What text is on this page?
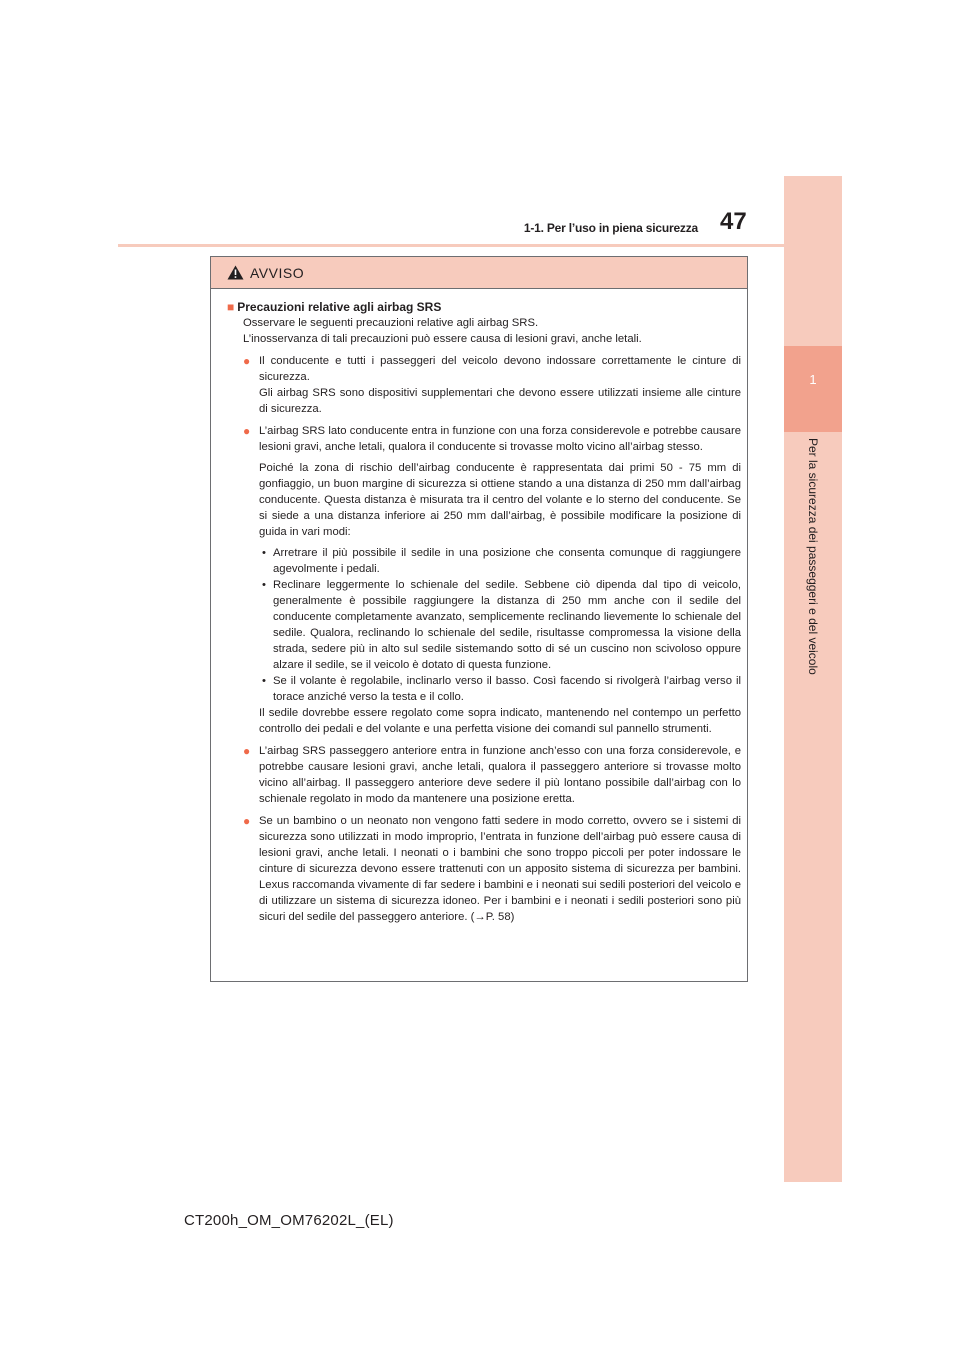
1
Per la sicurezza dei passeggeri e del veicolo
1-1. Per l’uso in piena sicurezza 47
AVVISO
■ Precauzioni relative agli airbag SRS

Osservare le seguenti precauzioni relative agli airbag SRS.

L’inosservanza di tali precauzioni può essere causa di lesioni gravi, anche letali.

● Il conducente e tutti i passeggeri del veicolo devono indossare correttamente le cinture di sicurezza.

Gli airbag SRS sono dispositivi supplementari che devono essere utilizzati insieme alle cinture di sicurezza.

● L’airbag SRS lato conducente entra in funzione con una forza considerevole e potrebbe causare lesioni gravi, anche letali, qualora il conducente si trovasse molto vicino all’airbag stesso.

Poiché la zona di rischio dell’airbag conducente è rappresentata dai primi 50 - 75 mm di gonfiaggio, un buon margine di sicurezza si ottiene stando a una distanza di 250 mm dall’airbag conducente. Questa distanza è misurata tra il centro del volante e lo sterno del conducente. Se si siede a una distanza inferiore ai 250 mm dall’airbag, è possibile modificare la posizione di guida in vari modi:

• Arretrare il più possibile il sedile in una posizione che consenta comunque di raggiungere agevolmente i pedali.
• Reclinare leggermente lo schienale del sedile. Sebbene ciò dipenda dal tipo di veicolo, generalmente è possibile raggiungere la distanza di 250 mm anche con il sedile del conducente completamente avanzato, semplicemente reclinando lievemente lo schienale del sedile. Qualora, reclinando lo schienale del sedile, risultasse compromessa la visione della strada, sedere più in alto sul sedile sistemando sotto di sé un cuscino non scivoloso oppure alzare il sedile, se il veicolo è dotato di questa funzione.
• Se il volante è regolabile, inclinarlo verso il basso. Così facendo si rivolgerà l’airbag verso il torace anziché verso la testa e il collo.

Il sedile dovrebbe essere regolato come sopra indicato, mantenendo nel contempo un perfetto controllo dei pedali e del volante e una perfetta visione dei comandi sul pannello strumenti.

● L’airbag SRS passeggero anteriore entra in funzione anch’esso con una forza considerevole, e potrebbe causare lesioni gravi, anche letali, qualora il passeggero anteriore si trovasse molto vicino all’airbag. Il passeggero anteriore deve sedere il più lontano possibile dall’airbag con lo schienale regolato in modo da mantenere una posizione eretta.

● Se un bambino o un neonato non vengono fatti sedere in modo corretto, ovvero se i sistemi di sicurezza sono utilizzati in modo improprio, l’entrata in funzione dell’airbag può essere causa di lesioni gravi, anche letali. I neonati o i bambini che sono troppo piccoli per poter indossare le cinture di sicurezza devono essere trattenuti con un apposito sistema di sicurezza per bambini. Lexus raccomanda vivamente di far sedere i bambini e i neonati sui sedili posteriori del veicolo e di utilizzare un sistema di sicurezza idoneo. Per i bambini e i neonati i sedili posteriori sono più sicuri del sedile del passeggero anteriore. (→P. 58)

CT200h_OM_OM76202L_(EL)
